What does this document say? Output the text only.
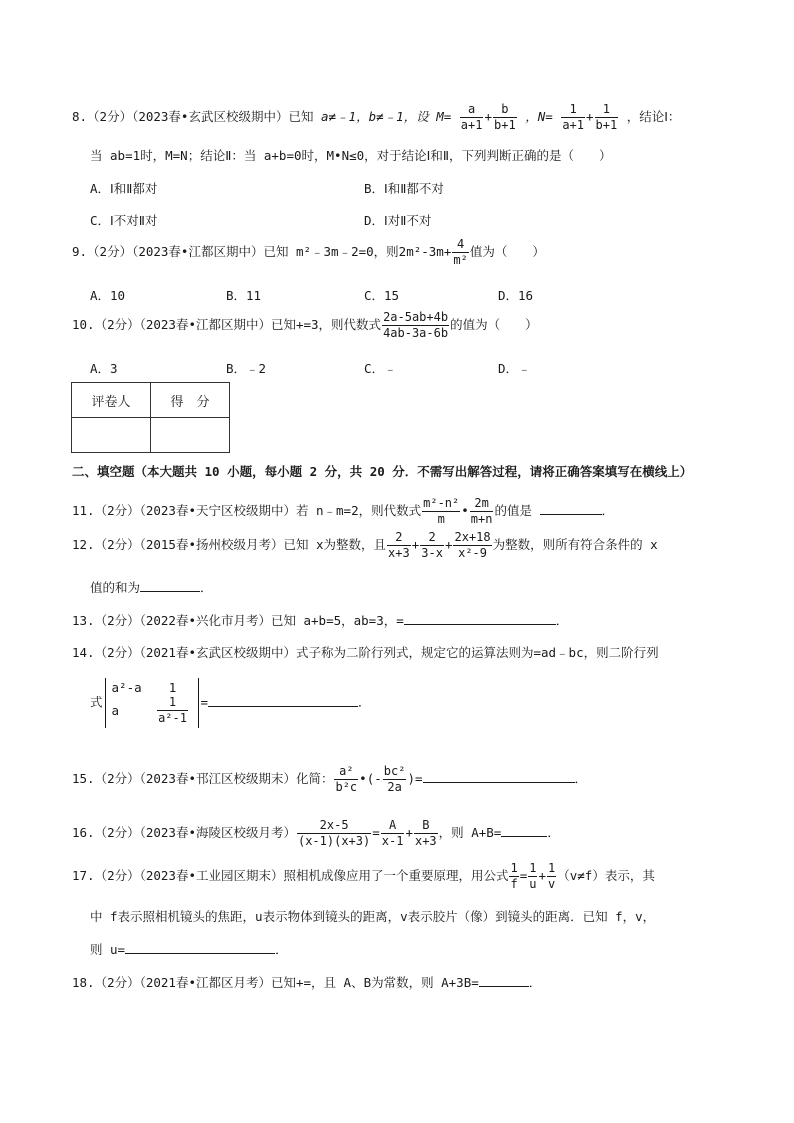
8.（2分）（2023春•玄武区校级期中）已知 a≠﹣1，b≠﹣1，设 $M= \frac{a}{a+1} + \frac{b}{b+1}$ ，$N= \frac{1}{a+1} + \frac{1}{b+1}$ ，结论Ⅰ：
当 ab=1时，M=N；结论Ⅱ：当 a+b=0时，M•N≤0，对于结论Ⅰ和Ⅱ，下列判断正确的是（　　）
A．Ⅰ和Ⅱ都对	B．Ⅰ和Ⅱ都不对
C．Ⅰ不对Ⅱ对	D．Ⅰ对Ⅱ不对
9.（2分）（2023春•江都区期中）已知 m²﹣3m﹣2=0，则$2m^2-3m+ \frac{4}{\text{m²}}$ 值为（　　）
A．10	B．11	C．15	D．16
10.（2分）（2023春•江都区期中）已知+=3，则代数式 $\frac{2a-5ab+4b}{4ab-3a-6b}$ 的值为（　　）
A．3	B．﹣2	C．﹣	D．﹣
评卷人	得　分

二、填空题（本大题共 10 小题，每小题 2 分，共 20 分．不需写出解答过程，请将正确答案填写在横线上）
11.（2分）（2023春•天宁区校级期中）若 n﹣m=2，则代数式 $\frac{\text{m²-n²}}{m}$ • $\frac{2m}{m+n}$ 的值是	．
12.（2分）（2015春•扬州校级月考）已知 x为整数，且 $\frac{2}{x+3} + \frac{2}{3-x} + \frac{2x+18}{\text{x²-9}}$ 为整数，则所有符合条件的 x
值的和为	．
13.（2分）（2022春•兴化市月考）已知 a+b=5，ab=3，=	．
14.（2分）（2021春•玄武区校级期中）式子称为二阶行列式，规定它的运算法则为=ad﹣bc，则二阶行列
式
a²-a	1
a	$\frac{1}{\text{a²-1}}$ =	．
15.（2分）（2023春•邗江区校级期末）化简： $\frac{\text{a²}}{\text{b²c}}$ •(- $\frac{\text{bc²}}{2a}$ )=	．
16.（2分）（2023春•海陵区校级月考） $\frac{2x-5}{(x-1)(x+3)} = \frac{A}{x-1} + \frac{B}{x+3}$ ，则 A+B=	．
17.（2分）（2023春•工业园区期末）照相机成像应用了一个重要原理，用公式 $\frac{1}{f} = \frac{1}{u} + \frac{1}{v} (v\ne f)$表示，其
中 f表示照相机镜头的焦距，u表示物体到镜头的距离，v表示胶片（像）到镜头的距离．已知 f，v，
则 u=	．
18.（2分）（2021春•江都区月考）已知+=，且 A、B为常数，则 A+3B=	．
